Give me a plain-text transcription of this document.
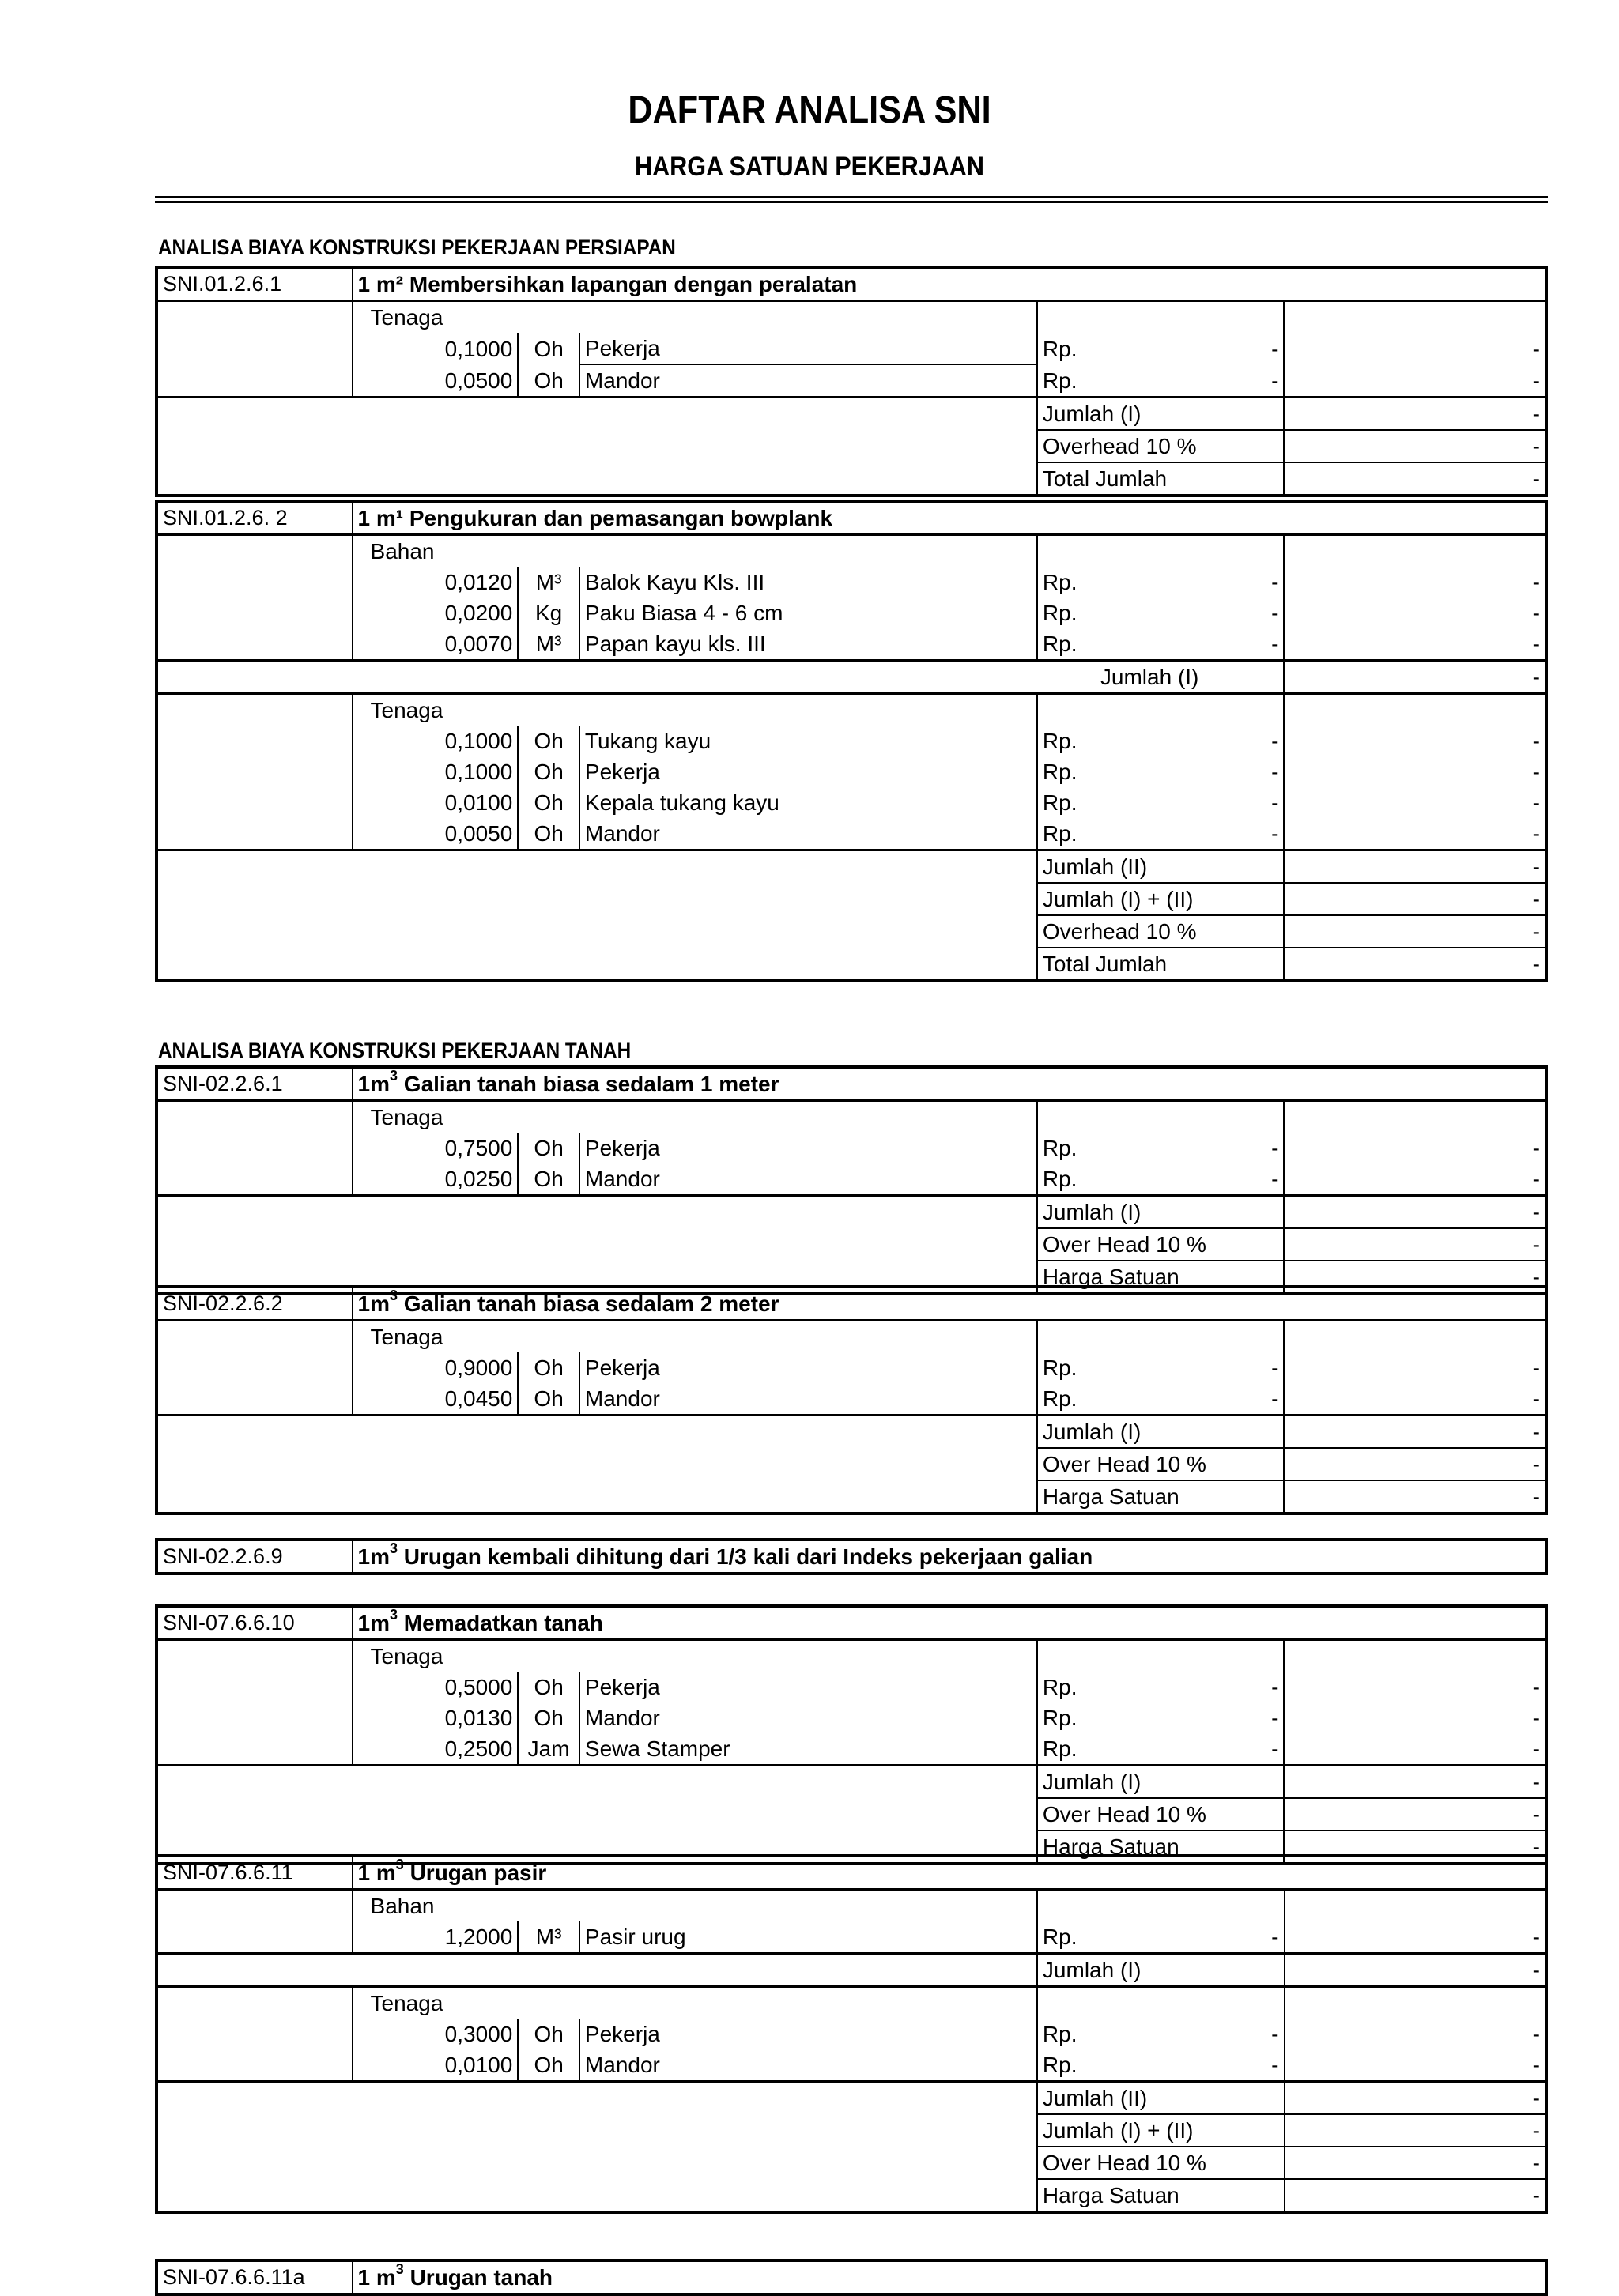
DAFTAR ANALISA SNI
HARGA SATUAN PEKERJAAN
ANALISA BIAYA KONSTRUKSI PEKERJAAN PERSIAPAN
ANALISA BIAYA KONSTRUKSI PEKERJAAN TANAH
SNI.01.2.6.1	1 m² Membersihkan lapangan dengan peralatan				
	Tenaga				
	0,1000	Oh	Pekerja	Rp. -	-
	0,0500	Oh	Mandor	Rp. -	-
				Jumlah (I)	-
				Overhead 10 %	-
				Total Jumlah	-
SNI.01.2.6. 2	1 m¹ Pengukuran dan pemasangan bowplank				
	Bahan				
	0,0120	M³	Balok Kayu Kls. III	Rp. -	-
	0,0200	Kg	Paku Biasa 4 - 6 cm	Rp. -	-
	0,0070	M³	Papan kayu kls. III	Rp. -	-
				Jumlah (I)	-
	Tenaga				
	0,1000	Oh	Tukang kayu	Rp. -	-
	0,1000	Oh	Pekerja	Rp. -	-
	0,0100	Oh	Kepala tukang kayu	Rp. -	-
	0,0050	Oh	Mandor	Rp. -	-
				Jumlah (II)	-
				Jumlah (I) + (II)	-
				Overhead 10 %	-
				Total Jumlah	-
SNI-02.2.6.1	$1m^3$ Galian tanah biasa sedalam 1 meter				
	Tenaga				
	0,7500	Oh	Pekerja	Rp. -	-
	0,0250	Oh	Mandor	Rp. -	-
				Jumlah (I)	-
				Over Head 10 %	-
				Harga Satuan	-
SNI-02.2.6.2	$1m^3$ Galian tanah biasa sedalam 2 meter				
	Tenaga				
	0,9000	Oh	Pekerja	Rp. -	-
	0,0450	Oh	Mandor	Rp. -	-
				Jumlah (I)	-
				Over Head 10 %	-
				Harga Satuan	-
SNI-02.2.6.9	$1m^3$ Urugan kembali dihitung dari 1/3 kali dari Indeks pekerjaan galian
SNI-07.6.6.10	$1m^3$ Memadatkan tanah				
	Tenaga				
	0,5000	Oh	Pekerja	Rp. -	-
	0,0130	Oh	Mandor	Rp. -	-
	0,2500	Jam	Sewa Stamper	Rp. -	-
				Jumlah (I)	-
				Over Head 10 %	-
				Harga Satuan	-
SNI-07.6.6.11	1 $m^3$ Urugan pasir				
	Bahan				
	1,2000	M³	Pasir urug	Rp. -	-
				Jumlah (I)	-
	Tenaga				
	0,3000	Oh	Pekerja	Rp. -	-
	0,0100	Oh	Mandor	Rp. -	-
				Jumlah (II)	-
				Jumlah (I) + (II)	-
				Over Head 10 %	-
				Harga Satuan	-
SNI-07.6.6.11a	1 $m^3$ Urugan tanah
